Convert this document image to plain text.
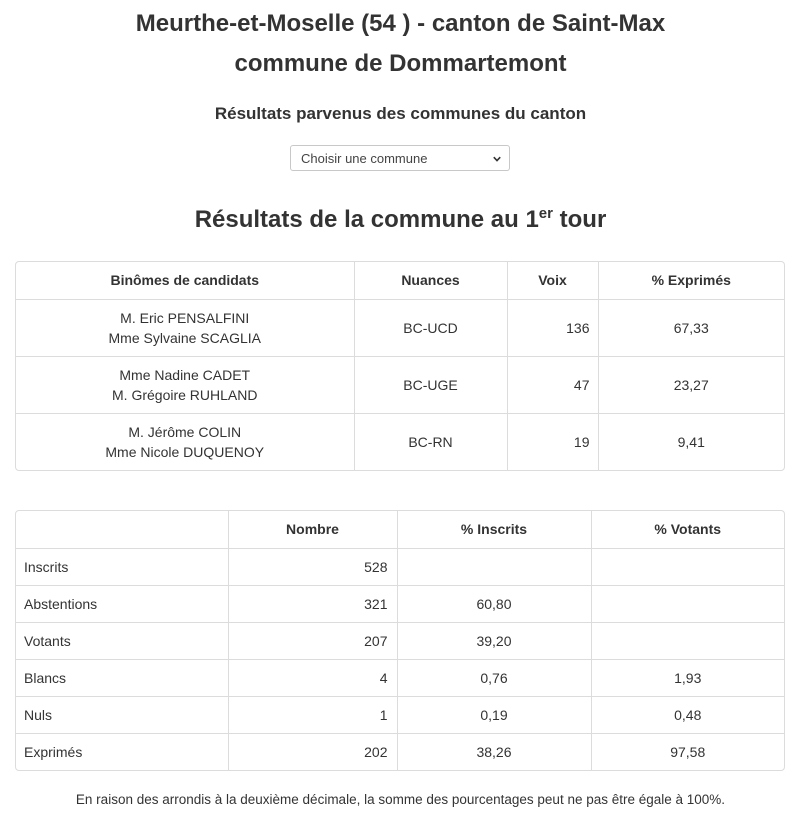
Meurthe-et-Moselle (54 ) - canton de Saint-Max
commune de Dommartemont
Résultats parvenus des communes du canton
Choisir une commune
Résultats de la commune au 1er tour
Binômes de candidats	Nuances	Voix	% Exprimés

M. Eric PENSALFINI
Mme Sylvaine SCAGLIA	BC-UCD	136	67,33

Mme Nadine CADET
M. Grégoire RUHLAND	BC-UGE	47	23,27

M. Jérôme COLIN
Mme Nicole DUQUENOY	BC-RN	19	9,41
	Nombre	% Inscrits	% Votants
Inscrits	528		
Abstentions	321	60,80	
Votants	207	39,20	
Blancs	4	0,76	1,93
Nuls	1	0,19	0,48
Exprimés	202	38,26	97,58
En raison des arrondis à la deuxième décimale, la somme des pourcentages peut ne pas être égale à 100%.
